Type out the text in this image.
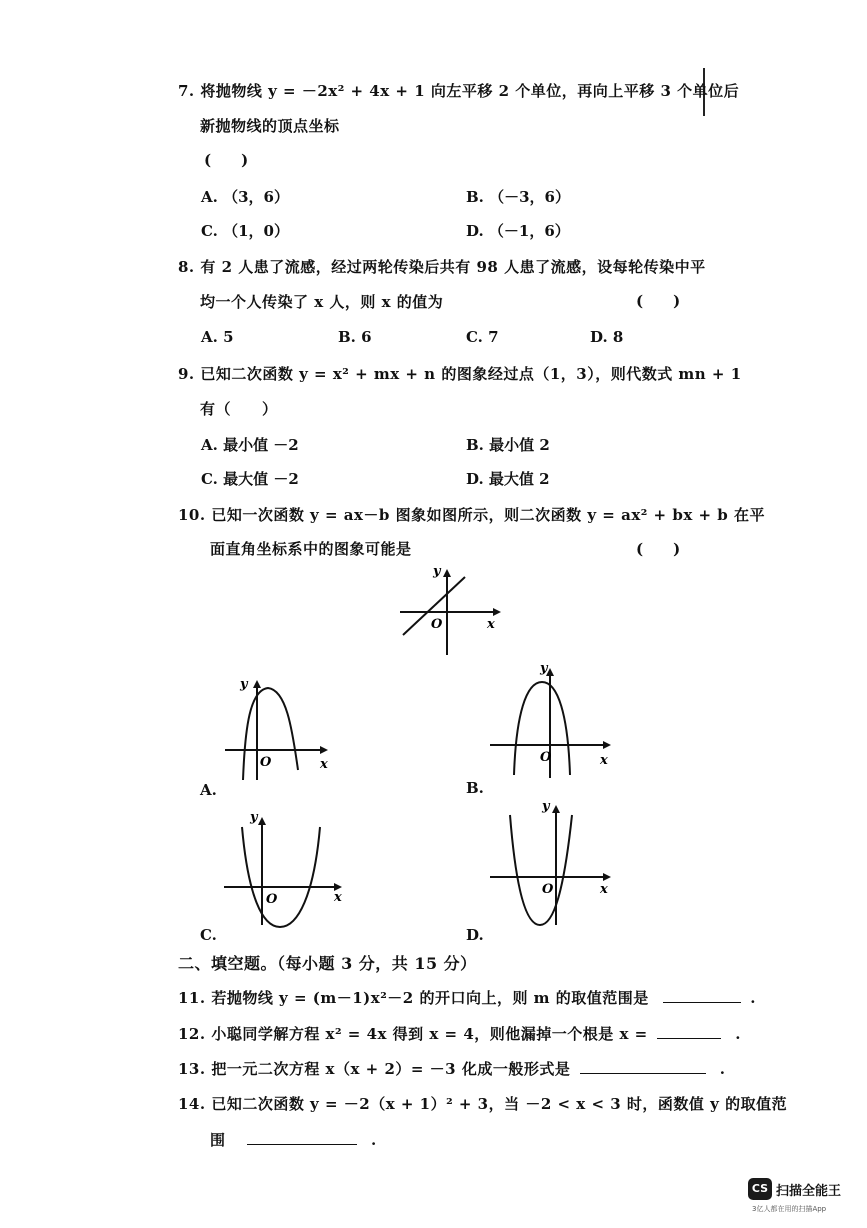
7. 将抛物线 y = －2x² + 4x + 1 向左平移 2 个单位，再向上平移 3 个单位后
新抛物线的顶点坐标
(　　)
A. （3，6）	B. （－3，6）
C. （1，0）	D. （－1，6）
8. 有 2 人患了流感，经过两轮传染后共有 98 人患了流感，设每轮传染中平
均一个人传染了 x 人，则 x 的值为	(　　)
A. 5	B. 6	C. 7	D. 8
9. 已知二次函数 y = x² + mx + n 的图象经过点（1，3），则代数式 mn + 1
有（　　）
A. 最小值 －2	B. 最小值 2
C. 最大值 －2	D. 最大值 2
10. 已知一次函数 y = ax－b 图象如图所示，则二次函数 y = ax² + bx + b 在平
面直角坐标系中的图象可能是	(　　)
y
x
O
y
x
O
A.
y
x
O
B.
y
x
O
C.
y
x
O
D.
二、填空题。（每小题 3 分，共 15 分）
11. 若抛物线 y = (m－1)x²－2 的开口向上，则 m 的取值范围是	.
12. 小聪同学解方程 x² = 4x 得到 x = 4，则他漏掉一个根是 x =	.
13. 把一元二次方程 x（x + 2）= －3 化成一般形式是	.
14. 已知二次函数 y = －2（x + 1）² + 3，当 －2 < x < 3 时，函数值 y 的取值范
围	.
CS 扫描全能王
3亿人都在用的扫描App
